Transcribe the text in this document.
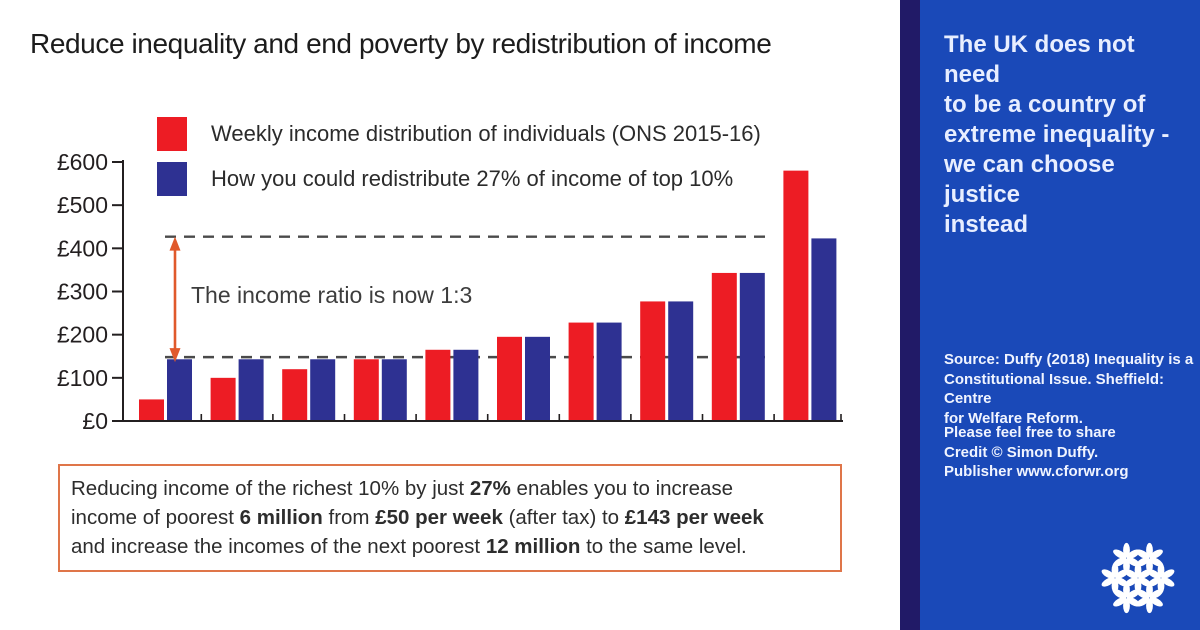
Reduce inequality and end poverty by redistribution of income
£600
£500
£400
£300
£200
£100
£0
The income ratio is now 1:3
Weekly income distribution of individuals (ONS 2015-16)
How you could redistribute 27% of income of top 10%
Reducing income of the richest 10% by just 27% enables you to increase
income of poorest 6 million from £50 per week (after tax) to £143 per week
and increase the incomes of the next poorest 12 million to the same level.
The UK does not need
to be a country of
extreme inequality -
we can choose justice
instead
Source: Duffy (2018) Inequality is a
Constitutional Issue. Sheffield: Centre
for Welfare Reform.
Please feel free to share
Credit © Simon Duffy.
Publisher www.cforwr.org
